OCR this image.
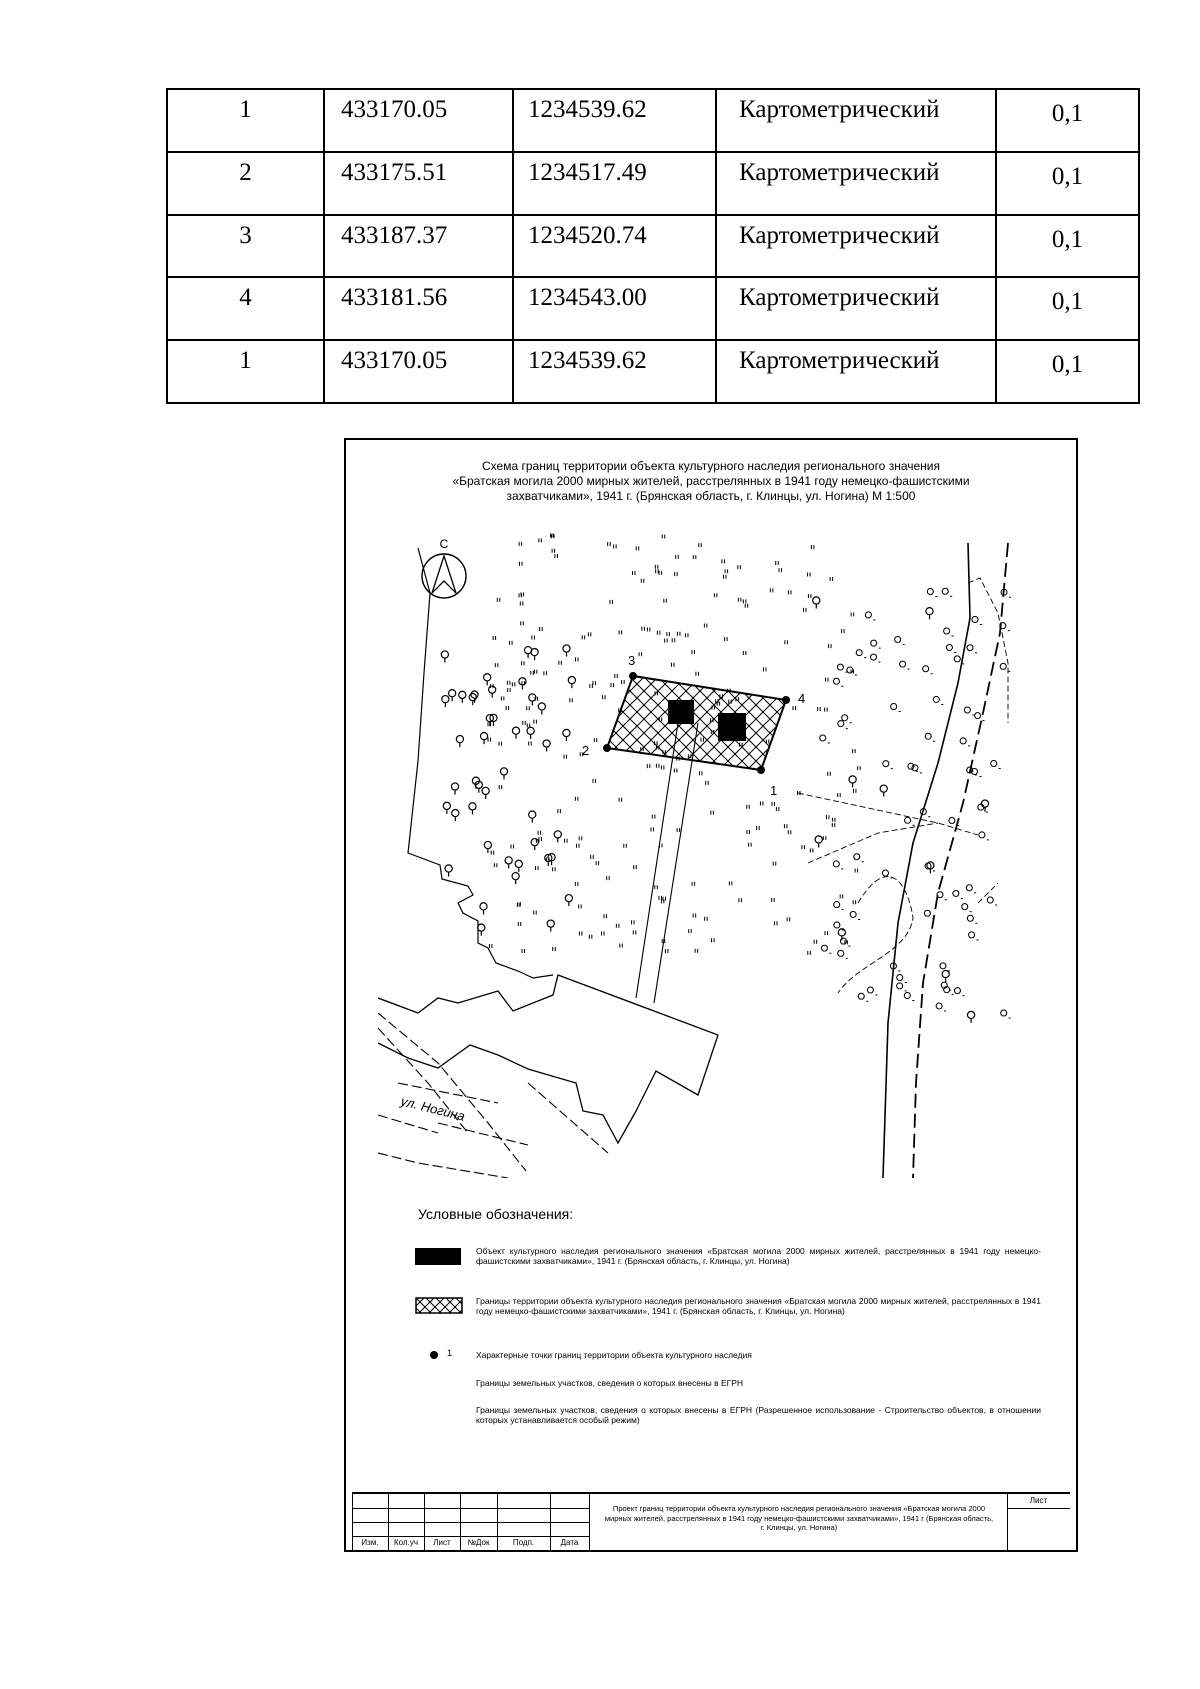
1	433170.05	1234539.62	Картометрический	0,1
2	433175.51	1234517.49	Картометрический	0,1
3	433187.37	1234520.74	Картометрический	0,1
4	433181.56	1234543.00	Картометрический	0,1
1	433170.05	1234539.62	Картометрический	0,1
Схема границ территории объекта культурного наследия регионального значения
«Братская могила 2000 мирных жителей, расстрелянных в 1941 году немецко-фашистскими
захватчиками», 1941 г. (Брянская область, г. Клинцы, ул. Ногина) М 1:500
ул. Ногина
С
1
2
3
4
Условные обозначения:
1
Объект культурного наследия регионального значения «Братская могила 2000 мирных жителей, расстрелянных в 1941 году немецко-фашистскими захватчиками», 1941 г. (Брянская область, г. Клинцы, ул. Ногина)
Границы территории объекта культурного наследия регионального значения «Братская могила 2000 мирных жителей, расстрелянных в 1941 году немецко-фашистскими захватчиками», 1941 г. (Брянская область, г. Клинцы, ул. Ногина)
Характерные точки границ территории объекта культурного наследия
Границы земельных участков, сведения о которых внесены в ЕГРН
Границы земельных участков, сведения о которых внесены в ЕГРН (Разрешенное использование - Строительство объектов, в отношении которых устанавливается особый режим)
Изм.	Кол.уч	Лист	№Док	Подп.	Дата
Проект границ территории объекта культурного наследия регионального значения «Братская могила 2000 мирных жителей, расстрелянных в 1941 году немецко-фашистскими захватчиками», 1941 г (Брянская область, г. Клинцы, ул. Ногина)
Лист
